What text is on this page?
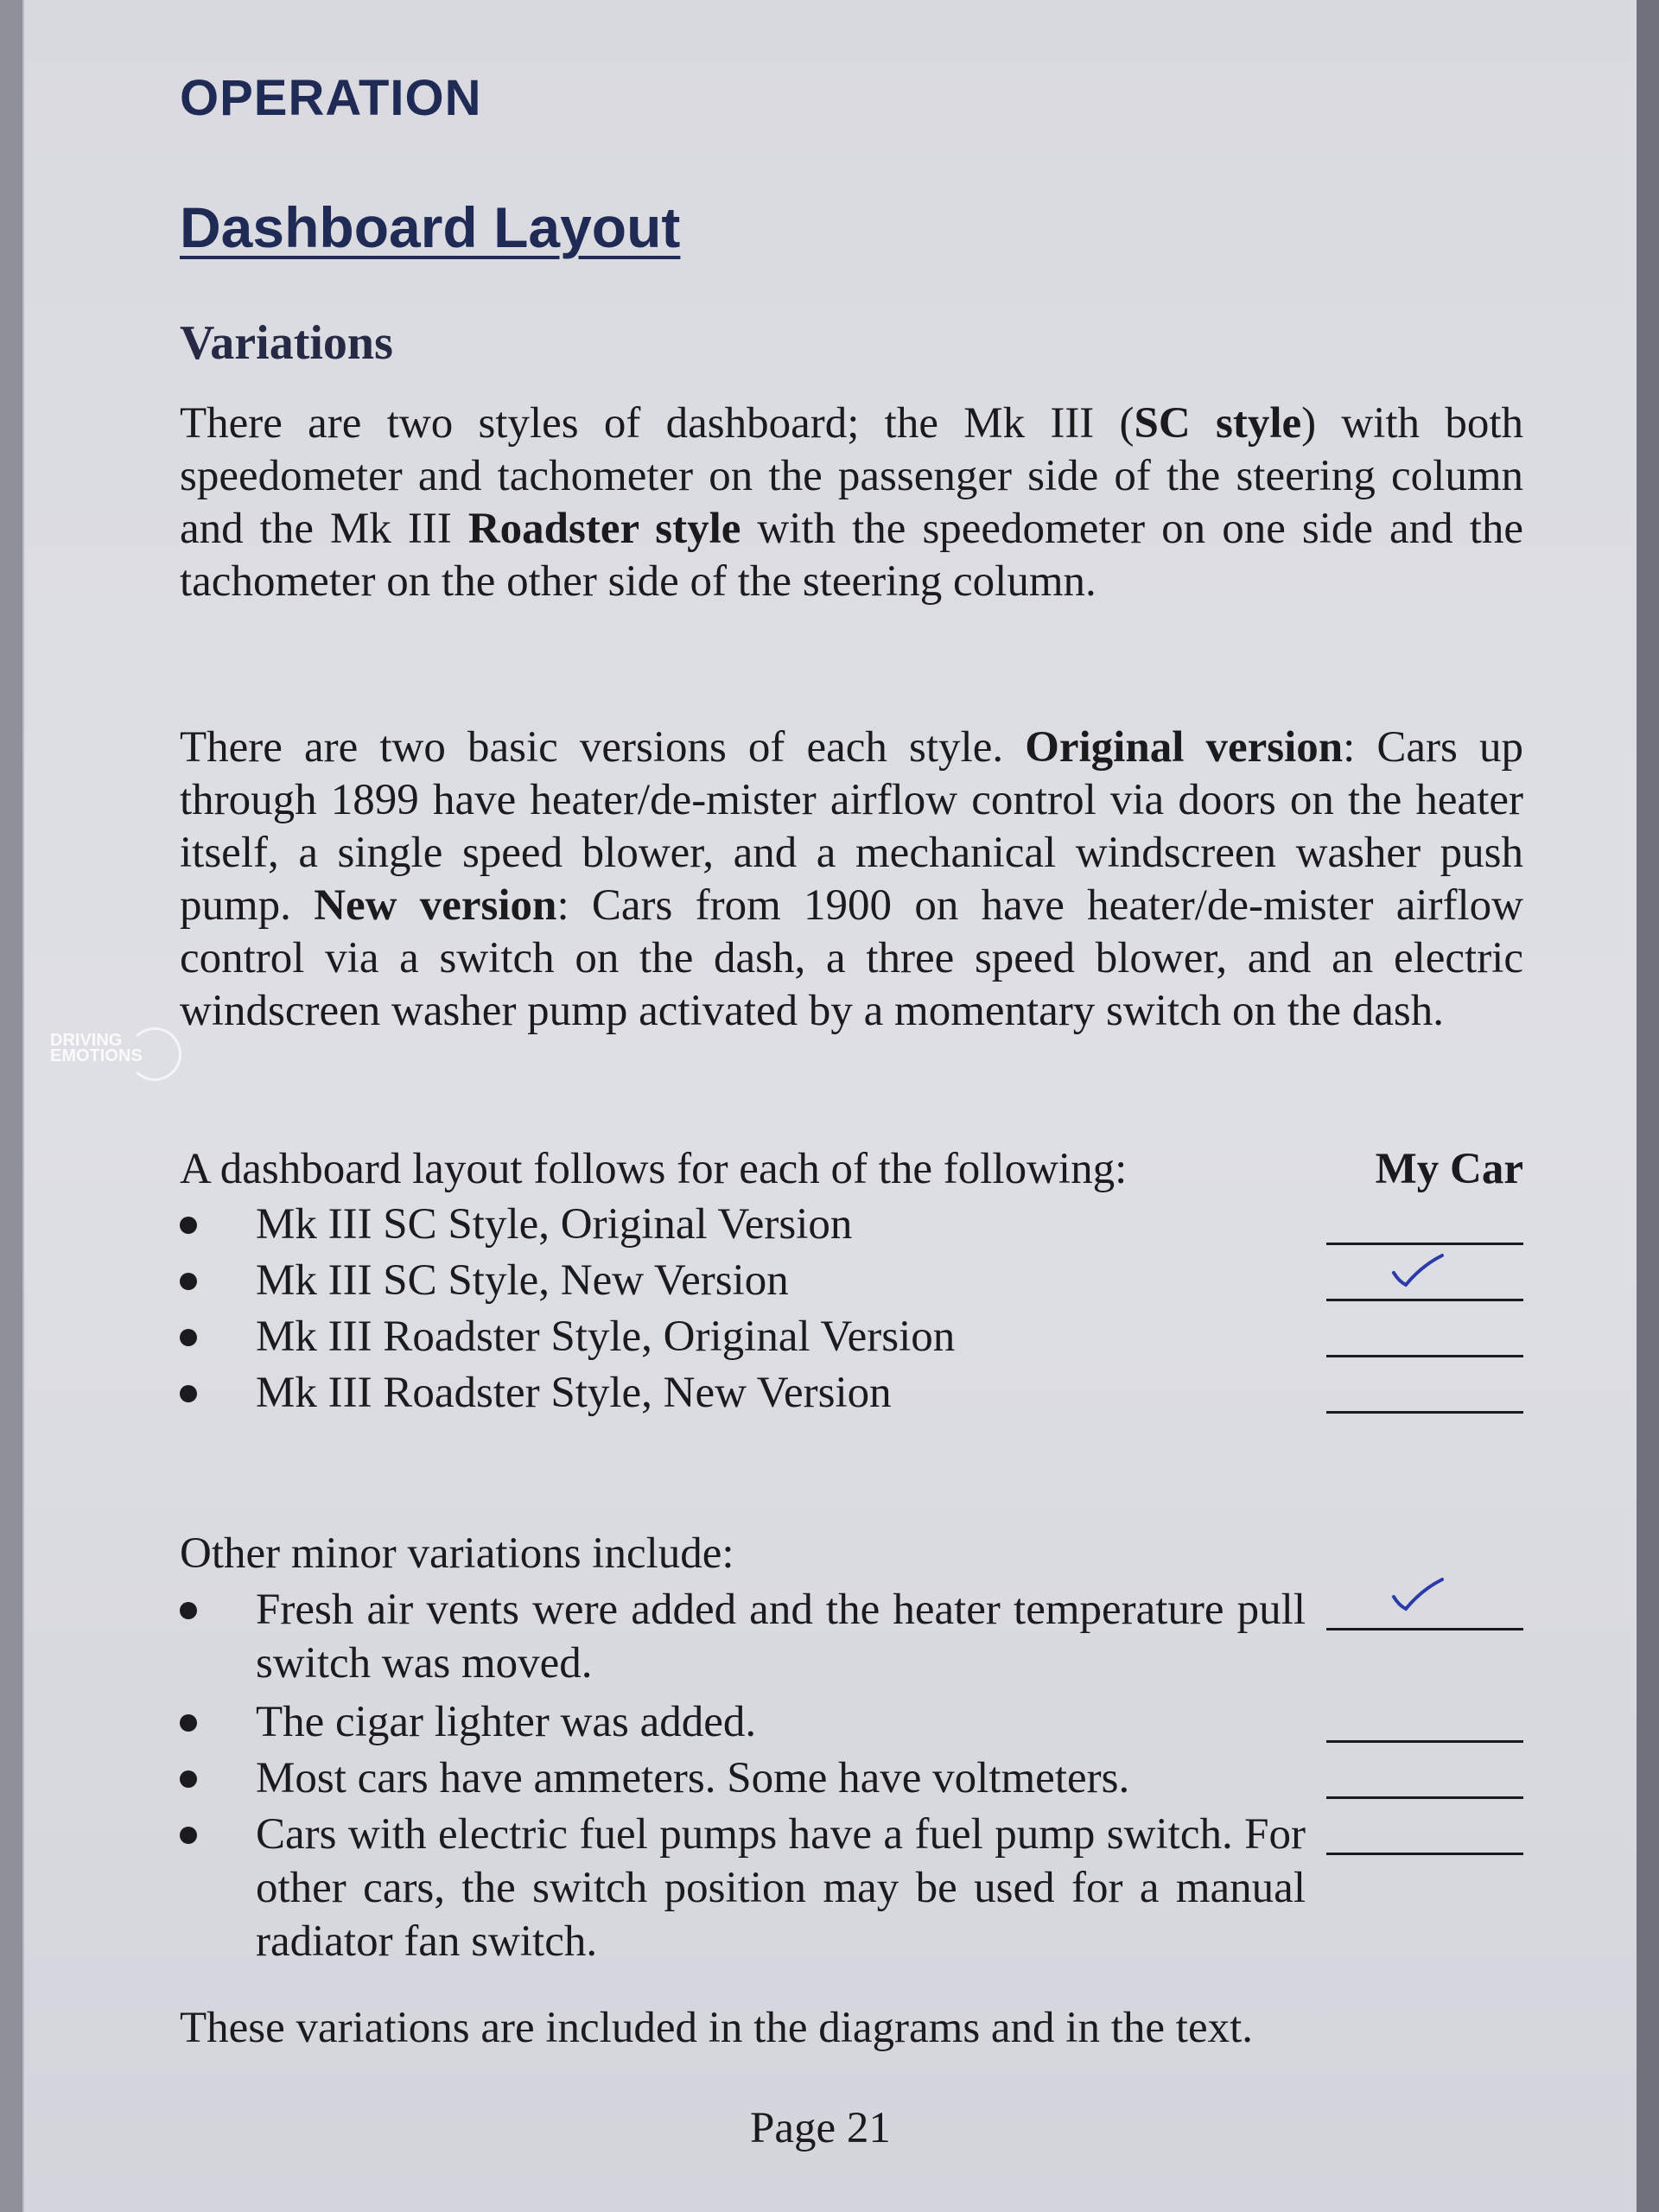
DRIVING
EMOTIONS
OPERATION
Dashboard Layout
Variations

There are two styles of dashboard; the Mk III (SC style) with both speedometer and tachometer on the passenger side of the steering column and the Mk III Roadster style with the speedometer on one side and the tachometer on the other side of the steering column.

There are two basic versions of each style. Original version: Cars up through 1899 have heater/de-mister airflow control via doors on the heater itself, a single speed blower, and a mechanical windscreen washer push pump. New version: Cars from 1900 on have heater/de-mister airflow control via a switch on the dash, a three speed blower, and an electric windscreen washer pump activated by a momentary switch on the dash.

A dashboard layout follows for each of the following:	My Car
Mk III SC Style, Original Version
Mk III SC Style, New Version
Mk III Roadster Style, Original Version
Mk III Roadster Style, New Version
Other minor variations include:
Fresh air vents were added and the heater temperature pull switch was moved.
The cigar lighter was added.
Most cars have ammeters. Some have voltmeters.
Cars with electric fuel pumps have a fuel pump switch. For other cars, the switch position may be used for a manual radiator fan switch.
These variations are included in the diagrams and in the text.
Page 21
